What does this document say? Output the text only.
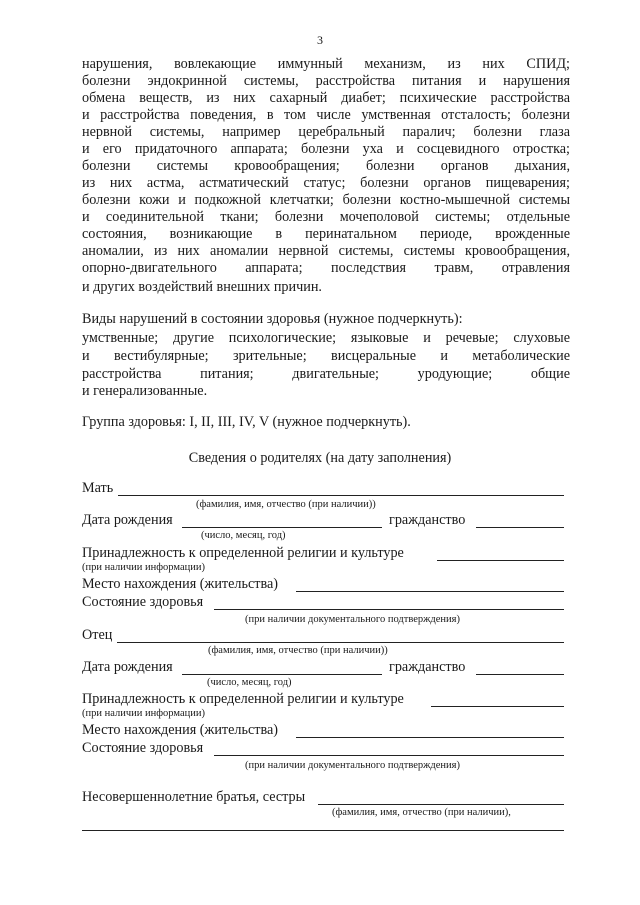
3
нарушения, вовлекающие иммунный механизм, из них СПИД;
болезни эндокринной системы, расстройства питания и нарушения
обмена веществ, из них сахарный диабет; психические расстройства
и расстройства поведения, в том числе умственная отсталость; болезни
нервной системы, например церебральный паралич; болезни глаза
и его придаточного аппарата; болезни уха и сосцевидного отростка;
болезни системы кровообращения; болезни органов дыхания,
из них астма, астматический статус; болезни органов пищеварения;
болезни кожи и подкожной клетчатки; болезни костно-мышечной системы
и соединительной ткани; болезни мочеполовой системы; отдельные
состояния, возникающие в перинатальном периоде, врожденные
аномалии, из них аномалии нервной системы, системы кровообращения,
опорно-двигательного аппарата; последствия травм, отравления
и других воздействий внешних причин.
Виды нарушений в состоянии здоровья (нужное подчеркнуть):
умственные; другие психологические; языковые и речевые; слуховые
и вестибулярные; зрительные; висцеральные и метаболические
расстройства питания; двигательные; уродующие; общие
и генерализованные.
Группа здоровья: I, II, III, IV, V (нужное подчеркнуть).
Сведения о родителях (на дату заполнения)
Мать
(фамилия, имя, отчество (при наличии))
Дата рождения	гражданство
(число, месяц, год)
Принадлежность к определенной религии и культуре
(при наличии информации)
Место нахождения (жительства)
Состояние здоровья
(при наличии документального подтверждения)
Отец
(фамилия, имя, отчество (при наличии))
Дата рождения	гражданство
(число, месяц, год)
Принадлежность к определенной религии и культуре
(при наличии информации)
Место нахождения (жительства)
Состояние здоровья
(при наличии документального подтверждения)
Несовершеннолетние братья, сестры
(фамилия, имя, отчество (при наличии),
